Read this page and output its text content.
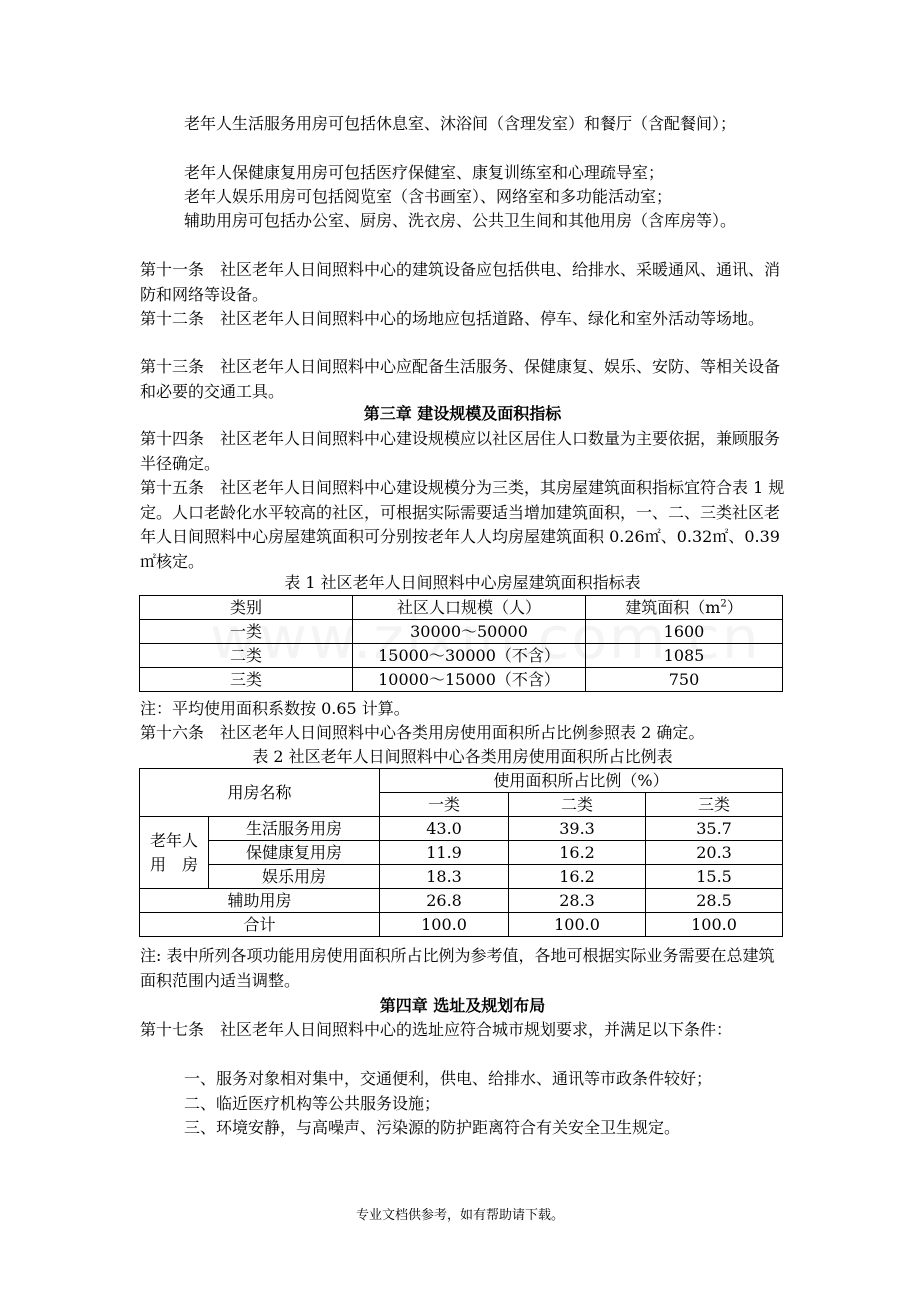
老年人生活服务用房可包括休息室、沐浴间（含理发室）和餐厅（含配餐间）；

老年人保健康复用房可包括医疗保健室、康复训练室和心理疏导室；

老年人娱乐用房可包括阅览室（含书画室）、网络室和多功能活动室；

辅助用房可包括办公室、厨房、洗衣房、公共卫生间和其他用房（含库房等）。

第十一条　社区老年人日间照料中心的建筑设备应包括供电、给排水、采暖通风、通讯、消防和网络等设备。

第十二条　社区老年人日间照料中心的场地应包括道路、停车、绿化和室外活动等场地。

第十三条　社区老年人日间照料中心应配备生活服务、保健康复、娱乐、安防、等相关设备和必要的交通工具。

第三章 建设规模及面积指标

第十四条　社区老年人日间照料中心建设规模应以社区居住人口数量为主要依据，兼顾服务半径确定。

第十五条　社区老年人日间照料中心建设规模分为三类，其房屋建筑面积指标宜符合表 1 规定。人口老龄化水平较高的社区，可根据实际需要适当增加建筑面积，一、二、三类社区老年人日间照料中心房屋建筑面积可分别按老年人人均房屋建筑面积 0.26㎡、0.32㎡、0.39㎡核定。

表 1 社区老年人日间照料中心房屋建筑面积指标表

类别	社区人口规模（人）	建筑面积$(m^2)$
一类	30000～50000	1600
二类	15000～30000（不含）	1085
三类	10000～15000（不含）	750

注：平均使用面积系数按 0.65 计算。

第十六条　社区老年人日间照料中心各类用房使用面积所占比例参照表 2 确定。

表 2 社区老年人日间照料中心各类用房使用面积所占比例表

用房名称		使用面积所占比例（%）		
		一类	二类	三类
老年人
用　房	生活服务用房	43.0	39.3	35.7
	保健康复用房	11.9	16.2	20.3
	娱乐用房	18.3	16.2	15.5
辅助用房		26.8	28.3	28.5
合计		100.0	100.0	100.0

注: 表中所列各项功能用房使用面积所占比例为参考值，各地可根据实际业务需要在总建筑面积范围内适当调整。

第四章 选址及规划布局

第十七条　社区老年人日间照料中心的选址应符合城市规划要求，并满足以下条件：

一、服务对象相对集中，交通便利，供电、给排水、通讯等市政条件较好；

二、临近医疗机构等公共服务设施；

三、环境安静，与高噪声、污染源的防护距离符合有关安全卫生规定。

专业文档供参考，如有帮助请下载。
